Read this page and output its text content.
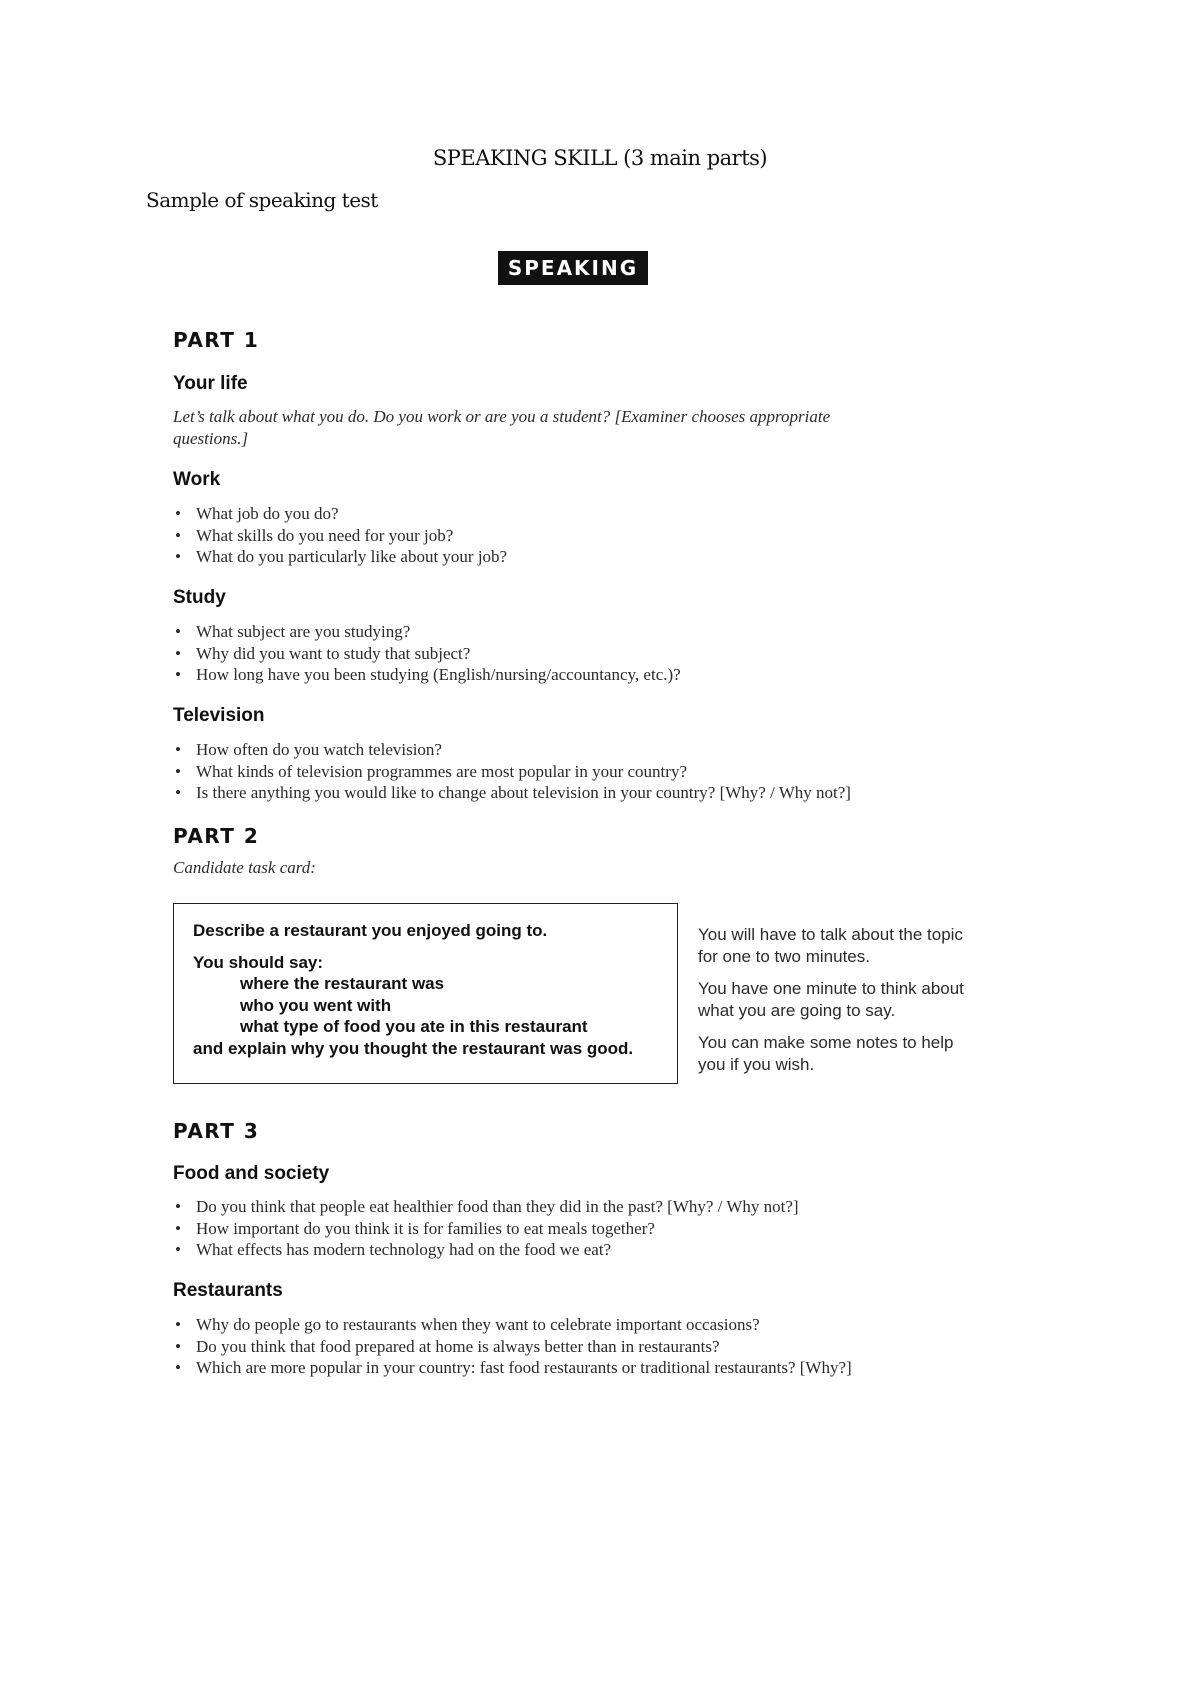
SPEAKING SKILL (3 main parts)
Sample of speaking test
SPEAKING
PART 1
Your life
Let’s talk about what you do. Do you work or are you a student? [Examiner chooses appropriate questions.]
Work
• What job do you do?
• What skills do you need for your job?
• What do you particularly like about your job?
Study
• What subject are you studying?
• Why did you want to study that subject?
• How long have you been studying (English/nursing/accountancy, etc.)?
Television
• How often do you watch television?
• What kinds of television programmes are most popular in your country?
• Is there anything you would like to change about television in your country? [Why? / Why not?]
PART 2
Candidate task card:
Describe a restaurant you enjoyed going to.
You should say:
where the restaurant was
who you went with
what type of food you ate in this restaurant
and explain why you thought the restaurant was good.

You will have to talk about the topic for one to two minutes.

You have one minute to think about what you are going to say.

You can make some notes to help you if you wish.

PART 3
Food and society
• Do you think that people eat healthier food than they did in the past? [Why? / Why not?]
• How important do you think it is for families to eat meals together?
• What effects has modern technology had on the food we eat?
Restaurants
• Why do people go to restaurants when they want to celebrate important occasions?
• Do you think that food prepared at home is always better than in restaurants?
• Which are more popular in your country: fast food restaurants or traditional restaurants? [Why?]
